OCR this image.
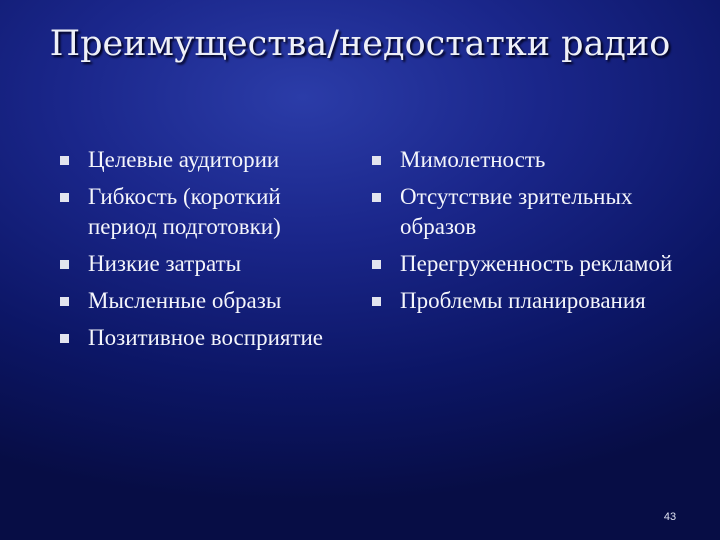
Преимущества/недостатки радио
Целевые аудитории
Гибкость (короткий период подготовки)
Низкие затраты
Мысленные образы
Позитивное восприятие
Мимолетность
Отсутствие зрительных образов
Перегруженность рекламой
Проблемы планирования
43
